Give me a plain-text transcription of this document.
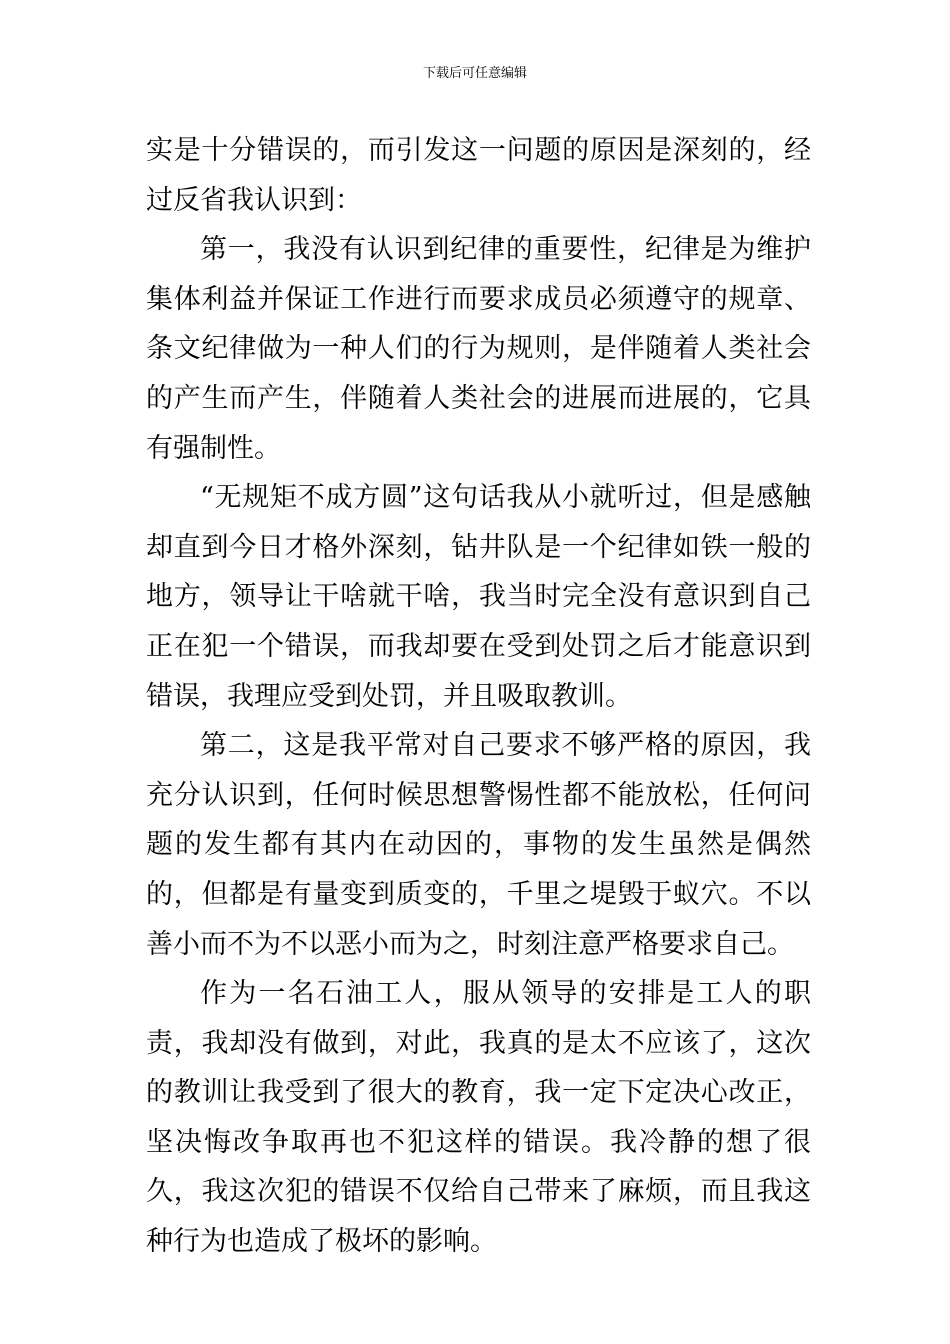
下载后可任意编辑

实是十分错误的，而引发这一问题的原因是深刻的，经过反省我认识到：

第一，我没有认识到纪律的重要性，纪律是为维护集体利益并保证工作进行而要求成员必须遵守的规章、条文纪律做为一种人们的行为规则，是伴随着人类社会的产生而产生，伴随着人类社会的进展而进展的，它具有强制性。

“无规矩不成方圆”这句话我从小就听过，但是感触却直到今日才格外深刻，钻井队是一个纪律如铁一般的地方，领导让干啥就干啥，我当时完全没有意识到自己正在犯一个错误，而我却要在受到处罚之后才能意识到错误，我理应受到处罚，并且吸取教训。

第二，这是我平常对自己要求不够严格的原因，我充分认识到，任何时候思想警惕性都不能放松，任何问题的发生都有其内在动因的，事物的发生虽然是偶然的，但都是有量变到质变的，千里之堤毁于蚁穴。不以善小而不为不以恶小而为之，时刻注意严格要求自己。

作为一名石油工人，服从领导的安排是工人的职责，我却没有做到，对此，我真的是太不应该了，这次的教训让我受到了很大的教育，我一定下定决心改正，坚决悔改争取再也不犯这样的错误。我冷静的想了很久，我这次犯的错误不仅给自己带来了麻烦，而且我这种行为也造成了极坏的影响。
